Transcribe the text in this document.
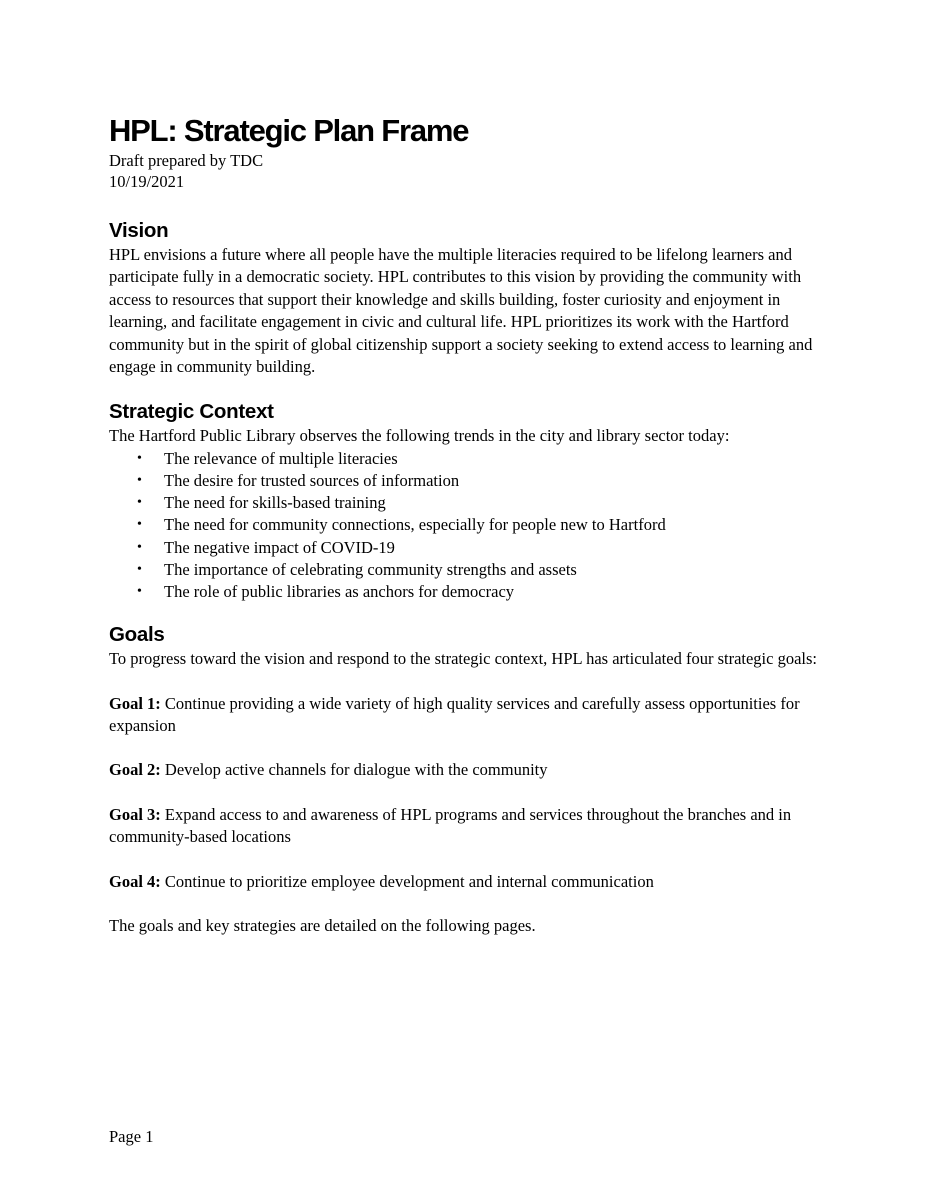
HPL: Strategic Plan Frame

Draft prepared by TDC

10/19/2021

Vision

HPL envisions a future where all people have the multiple literacies required to be lifelong learners and participate fully in a democratic society. HPL contributes to this vision by providing the community with access to resources that support their knowledge and skills building, foster curiosity and enjoyment in learning, and facilitate engagement in civic and cultural life. HPL prioritizes its work with the Hartford community but in the spirit of global citizenship support a society seeking to extend access to learning and engage in community building.

Strategic Context

The Hartford Public Library observes the following trends in the city and library sector today:

• The relevance of multiple literacies
• The desire for trusted sources of information
• The need for skills-based training
• The need for community connections, especially for people new to Hartford
• The negative impact of COVID-19
• The importance of celebrating community strengths and assets
• The role of public libraries as anchors for democracy
Goals

To progress toward the vision and respond to the strategic context, HPL has articulated four strategic goals:

Goal 1: Continue providing a wide variety of high quality services and carefully assess opportunities for expansion

Goal 2: Develop active channels for dialogue with the community

Goal 3: Expand access to and awareness of HPL programs and services throughout the branches and in community-based locations

Goal 4: Continue to prioritize employee development and internal communication

The goals and key strategies are detailed on the following pages.

Page 1
